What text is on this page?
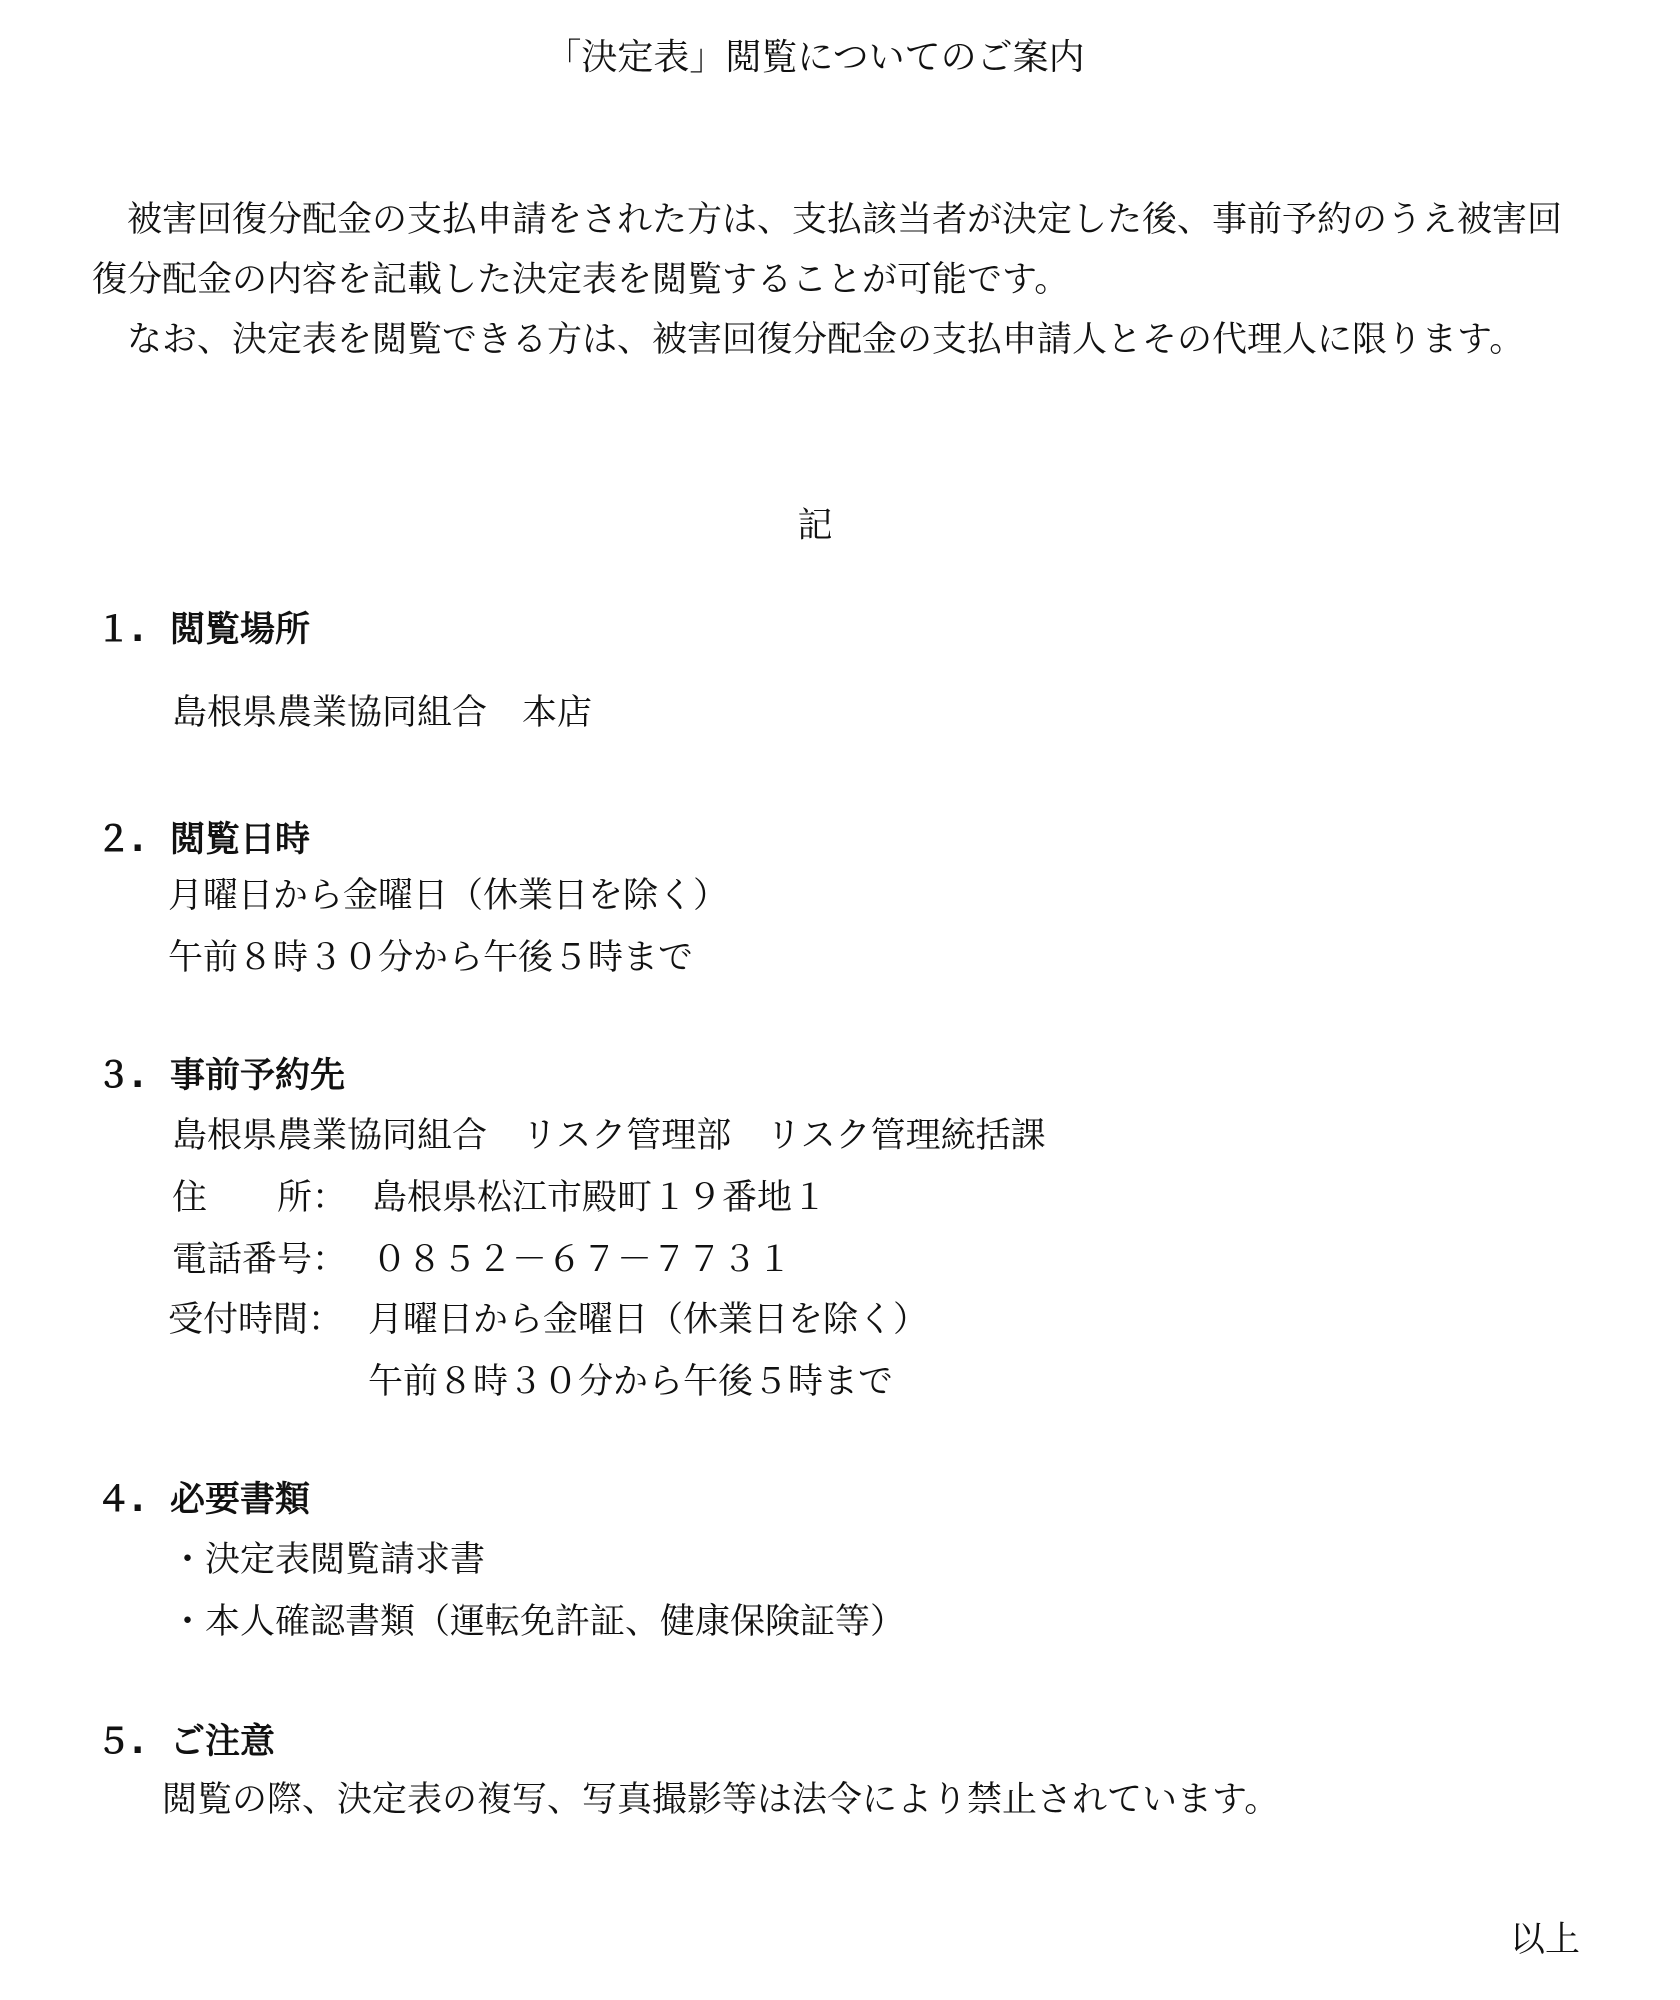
「決定表」閲覧についてのご案内

被害回復分配金の支払申請をされた方は、支払該当者が決定した後、事前予約のうえ被害回復分配金の内容を記載した決定表を閲覧することが可能です。

なお、決定表を閲覧できる方は、被害回復分配金の支払申請人とその代理人に限ります。

記
１. 閲覧場所
島根県農業協同組合　本店
２. 閲覧日時
月曜日から金曜日（休業日を除く）
午前８時３０分から午後５時まで
３. 事前予約先
島根県農業協同組合　リスク管理部　リスク管理統括課
住　　所： 島根県松江市殿町１９番地１
電話番号： ０８５２－６７－７７３１
受付時間： 月曜日から金曜日（休業日を除く）
午前８時３０分から午後５時まで
４. 必要書類
・決定表閲覧請求書
・本人確認書類（運転免許証、健康保険証等）
５. ご注意
閲覧の際、決定表の複写、写真撮影等は法令により禁止されています。
以上
